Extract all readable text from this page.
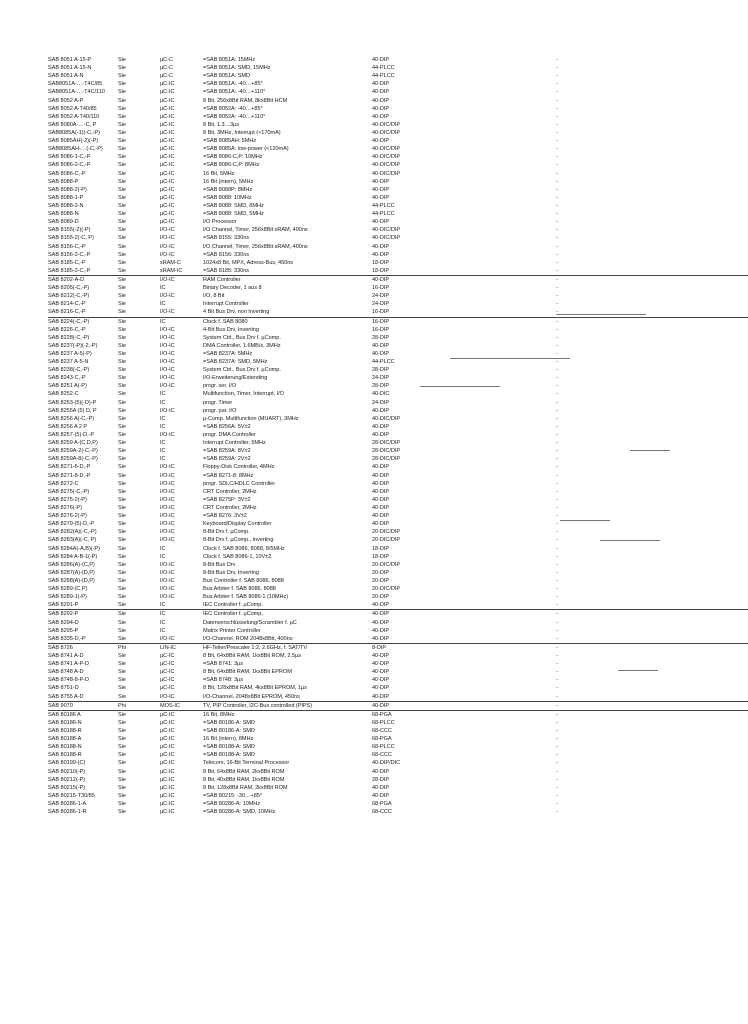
SAB 8051 A-15-P	Sie	µC-C	=SAB 8051A: 15MHz	40-DIP	-
SAB 8051 A-15-N	Sie	µC-C	=SAB 8051A: SMD, 15MHz	44-PLCC	-
SAB 8051 A-N	Sie	µC-C	=SAB 8051A: SMD	44-PLCC	-
SAB8051A-…-T4C/85	Sie	µC-IC	=SAB 8051A: -40…+85°	40-DIP	-
SAB8051A-…-T4C/110	Sie	µC-IC	=SAB 8051A: -40…+110°	40-DIP	-
SAB 8052 A-P	Sie	µC-IC	8 Bit, 256x8Bit RAM, 8kx8Bit HCM	40-DIP	-
SAB 8052 A-T40/85	Sie	µC-IC	=SAB 8052A: -40…+85°	40-DIP	-
SAB 8052 A-T40/110	Sie	µC-IC	=SAB 8052A: -40…+110°	40-DIP	-
SAB 8080A-…-C, P	Sie	µC-IC	8 Bit, 1.3…3µs	40-DIC/DIP	-
SAB8085A(-1)(-C,-P)	Sie	µC-IC	8 Bit, 3MHz, Interrupt (<170mA)	40-DIC/DIP	-
SAB 8085AH(-2)(-P)	Sie	µC-IC	=SAB 8085AH: 5MHz	40-DIP	-
SAB8085AH-…(-C,-P)	Sie	µC-IC	=SAB 8085A: low-power (<120mA)	40-DIC/DIP	-
SAB 8086-1-C,-P	Sie	µC-IC	=SAB 8086-C,P: 10MHz	40-DIC/DIP	-
SAB 8086-2-C,-P	Sie	µC-IC	=SAB 8086-C,P: 8MHz	40-DIC/DIP	-
SAB 8086-C,-P	Sie	µC-IC	16 Bit, 5MHz	40-DIC/DIP	-
SAB 8088-P	Sie	µC-IC	16 Bit (intern), 5MHz	40-DIP	-
SAB 8088-2(-P)	Sie	µC-IC	=SAB 8088P: 8MHz	40-DIP	-
SAB 8088-1-P	Sie	µC-IC	=SAB 8088: 10MHz	40-DIP	-
SAB 8088-2-N	Sie	µC-IC	=SAB 8088: SMD, 8MHz	44-PLCC	-
SAB 8088-N	Sie	µC-IC	=SAB 8088: SMD, 5MHz	44-PLCC	-
SAB 8089-D	Sie	µC-IC	I/O Processor	40-DIP	-
SAB 8155(-2)(-P)	Sie	I/O-IC	I/O Channel, Timer, 256x8Bit sRAM, 400ns	40-DIC/DIP	-
SAB 8155-2(-C, P)	Sie	I/O-IC	=SAB 8155: 330ns	40-DIC/DIP	-
SAB 8156-C,-P	Sie	I/O-IC	I/O Channel, Timer, 256x8Bit sRAM, 400ns	40-DIP	-
SAB 8156-2-C,-P	Sie	I/O-IC	=SAB 8156: 330ns	40-DIP	-
SAB 8185-C,-P	Sie	sRAM-C	1024x8 Bit, MPX, Adress-Bus, 450ns	18-DIP	-
SAB 8185-2-C,-P	Sie	sRAM-IC	=SAB 8185: 330ns	18-DIP	-
SAB 8202-A-D	Sie	I/O-IC	RAM Controller	40-DIP	-
SAB 8205(-C,-P)	Sie	IC	Binary Decoder, 1 aus 8	16-DIP	-
SAB 8212(-C,-P)	Sie	I/O-IC	I/O, 8 Bit	24-DIP	-
SAB 8214-C,-P	Sie	IC	Interrupt Controller	24-DIP	-
SAB 8216-C,-P	Sie	I/O-IC	4 Bit Bus Drv, non Inverting	16-DIP	-
SAB 8224(-C,-P)	Sie	IC	Clock f. SAB 8080	16-DIP	-
SAB 8226-C,-P	Sie	I/O-IC	4-Bit Bus Drv, Inverting	16-DIP	-
SAB 8228(-C,-P)	Sie	I/O-IC	System Ctrl., Bus Drv f. µComp.	28-DIP	-
SAB 8237(-P)(-2,-P)	Sie	I/O-IC	DMA Controller, 1.6MB/s, 3MHz	40-DIP	-
SAB 8237 A-5(-P)	Sie	I/O-IC	=SAB 8237A: 5MHz	40-DIP	-
SAB 8237 A-5-N	Sie	I/O-IC	=SAB 8237A: SMD, 5MHz	44-PLCC	-
SAB 8238(-C,-P)	Sie	I/O-IC	System Ctrl., Bus Drv f. µComp.	28-DIP	-
SAB 8243-C,-P	Sie	I/O-IC	I/O-Erweiterung/Extending	24-DIP	-
SAB 8251 A(-P)	Sie	I/O-IC	progr. ser. I/O	28-DIP	-
SAB 8252-C	Sie	IC	Multifunction, Timer, Interrupt, I/O	40-DIC	-
SAB 8253-(5)(-D)-P	Sie	IC	progr. Timer	24-DIP	-
SAB 8255A (5) D, P	Sie	I/O-IC	progr. par. I/O	40-DIP	-
SAB 8256 A(-C,-P)	Sie	IC	µ-Comp. Multifunction (MUART), 3MHz	40-DIC/DIP	-
SAB 8256 A 2 P	Sie	IC	=SAB 8256A: 5V±2	40-DIP	-
SAB 8257-(5)-D,-P	Sie	I/O-IC	progr. DMA Controller	40-DIP	-
SAB 8259 A-(C,D,P)	Sie	IC	Interrupt Controller, 5MHz	28-DIC/DIP	-
SAB 8259A-2(-C,-P)	Sie	IC	=SAB 8259A: 8V±2	28-DIC/DIP	-
SAB 8259A-8(-C,-P)	Sie	IC	=SAB 8259A: 2V±2	28-DIC/DIP	-
SAB 8271-6-D,-P	Sie	I/O-IC	Floppy-Disk Controller, 4MHz	40-DIP	-
SAB 8271-8-D,-P	Sie	I/O-IC	=SAB 8271-8: 8MHz	40-DIP	-
SAB 8272-C	Sie	I/O-IC	progr. SDLC/HDLC Controller	40-DIP	-
SAB 8275(-C,-P)	Sie	I/O-IC	CRT Controller, 2MHz	40-DIP	-
SAB 8275-2(-P)	Sie	I/O-IC	=SAB 8275P: 3V±2	40-DIP	-
SAB 8276(-P)	Sie	I/O-IC	CRT Controller, 2MHz	40-DIP	-
SAB 8276-2(-P)	Sie	I/O-IC	=SAB 8276: 3V±2	40-DIP	-
SAB 8279-(5)-D,-P	Sie	I/O-IC	Keyboard/Display Controller	40-DIP	-
SAB 8282(A)(-C,-P)	Sie	I/O-IC	8-Bit Drv f. µComp.	20-DIC/DIP	-
SAB 8283(A)(-C, P)	Sie	I/O-IC	8-Bit Drv f. µComp., inverting	20-DIC/DIP	-
SAB 8284A(-A,B)(-P)	Sie	IC	Clock f. SAB 8086, 8088, 8/5MHz	18-DIP	-
SAB 8284 A-B-1(-P)	Sie	IC	Clock f. SAB 8086-1, 10V±2	18-DIP	-
SAB 8286(A)-(C,P)	Sie	I/O-IC	8-Bit Bus Drv	20-DIC/DIP	-
SAB 8287(A)-(D,P)	Sie	I/O-IC	8-Bit Bus Drv, Inverting	20-DIP	-
SAB 8288(A)-(D,P)	Sie	I/O-IC	Bus Controller f. SAB 8086, 8088	20-DIP	-
SAB 8289-(C,P)	Sie	I/O-IC	Bus Arbiter f. SAB 8086, 8088	20-DIC/DIP	-
SAB 8289-1(-P)	Sie	I/O-IC	Bus Arbiter f. SAB 8086-1 (10MHz)	20-DIP	-
SAB 8291-P	Sie	IC	IEC Controller f. µComp.	40-DIP	-
SAB 8292-P	Sie	IC	IEC Controller f. µComp.	40-DIP	-
SAB 8294-D	Sie	IC	Datenverschlüsselung/Scrambler f. µC	40-DIP	-
SAB 8295-P	Sie	IC	Matrix Printer Controller	40-DIP	-
SAB 8335-D,-P	Sie	I/O-IC	I/O-Channel, ROM 2048x8Bit, 400ns	40-DIP	-
SAB 8726	Phi	LIN-IC	HF-Teiler/Prescaler 1:2, 2.6GHz, f. SAT/TV	8-DIP	-
SAB 8741 A-D	Sie	µC-IC	8 Bit, 64x8Bit RAM, 1kx8Bit ROM, 2.5µs	40-DIP	-
SAB 8741 A-P-D	Sie	µC-IC	=SAB 8741: 3µs	40-DIP	-
SAB 8748 A-D	Sie	µC-IC	8 Bit, 64x8Bit RAM, 1kx8Bit EPROM	40-DIP	-
SAB 8748-8-P-D	Sie	µC-IC	=SAB 8748: 3µs	40-DIP	-
SAB 8751-D	Sie	µC-IC	8 Bit, 128x8Bit RAM, 4kx8Bit EPROM, 1µs	40-DIP	-
SAB 8755 A-D	Sie	I/O-IC	I/O-Channel, 2048x8Bit EPROM, 450ns	40-DIP	-
SAB 9070	Phi	MOS-IC	TV, PIP Controller, I2C-Bus controlled (PIPS)	40-DIP	-
SAB 80186 A	Sie	µC-IC	16 Bit, 8MHz	68-PGA	-
SAB 80186-N	Sie	µC-IC	=SAB 80186-A: SMD	68-PLCC	-
SAB 80188-R	Sie	µC-IC	=SAB 80186-A: SMD	68-CCC	-
SAB 80188-A	Sie	µC-IC	16 Bit (intern), 8MHz	68-PGA	-
SAB 80188-N	Sie	µC-IC	=SAB 80188-A: SMD	68-PLCC	-
SAB 80188-R	Sie	µC-IC	=SAB 80188-A: SMD	68-CCC	-
SAB 80199-(C)	Sie	µC-IC	Telecom, 16-Bit Terminal Processor	40-DIP/DIC	-
SAB 80210(-P)	Sie	µC-IC	8 Bit, 64x8Bit RAM, 2kx8Bit ROM	40-DIP	-
SAB 80212(-P)	Sie	µC-IC	8 Bit, 40x8Bit RAM, 1kx8Bit ROM	28-DIP	-
SAB 80215(-P)	Sie	µC-IC	8 Bit, 128x8Bit RAM, 2kx8Bit ROM	40-DIP	-
SAB 80215-T30/85	Sie	µC-IC	=SAB 80215: -30…+85°	40-DIP	-
SAB 80286-1-A	Sie	µC-IC	=SAB 80286-A: 10MHz	68-PGA	-
SAB 80286-1-R	Sie	µC-IC	=SAB 80286-A: SMD, 10MHz	68-CCC	-
